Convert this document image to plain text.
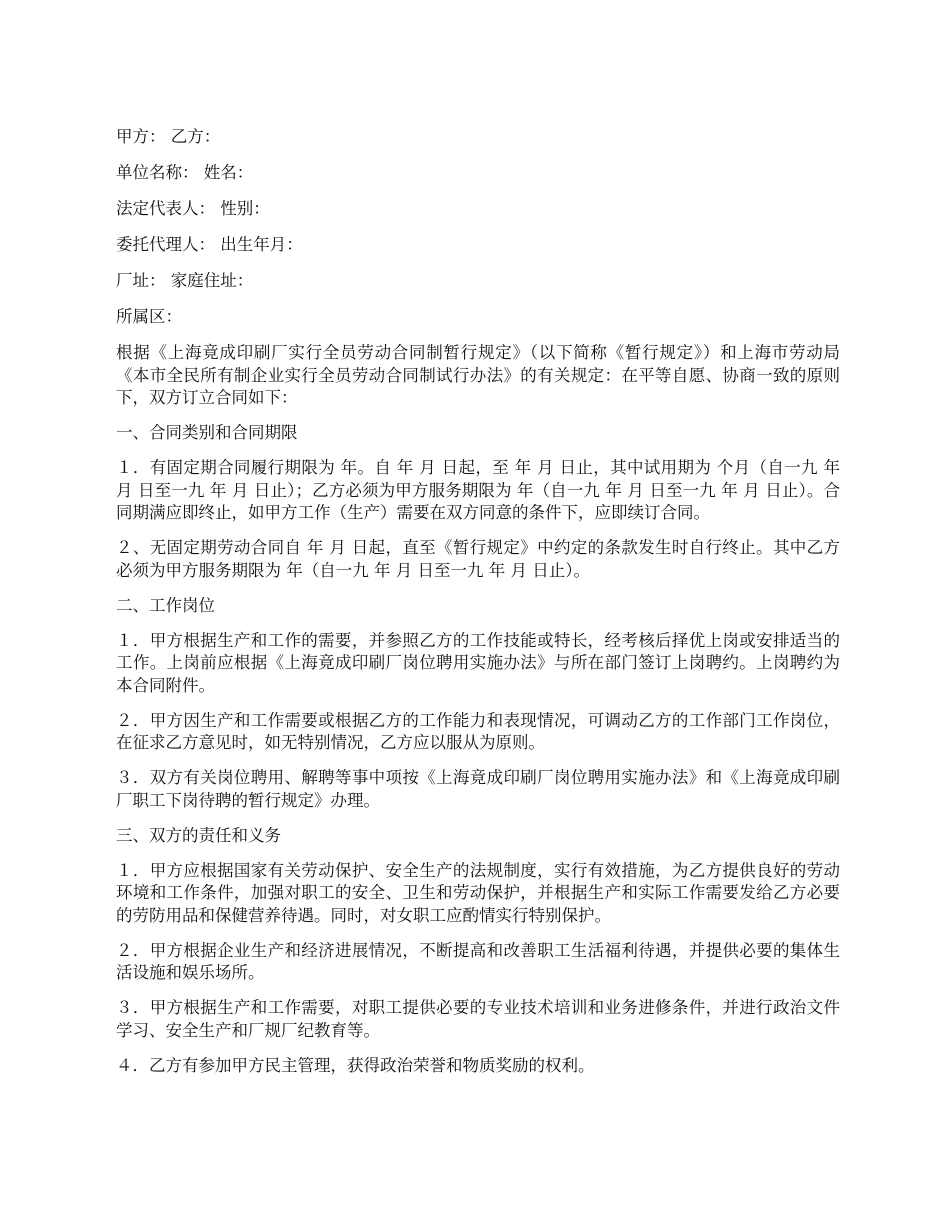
甲方： 乙方：

单位名称： 姓名：

法定代表人： 性别：

委托代理人： 出生年月：

厂址： 家庭住址：

所属区：

根据《上海竟成印刷厂实行全员劳动合同制暂行规定》（以下简称《暂行规定》）和上海市劳动局《本市全民所有制企业实行全员劳动合同制试行办法》的有关规定：在平等自愿、协商一致的原则下，双方订立合同如下：

一、合同类别和合同期限

１．有固定期合同履行期限为 年。自 年 月 日起，至 年 月 日止，其中试用期为 个月（自一九 年 月 日至一九 年 月 日止）；乙方必须为甲方服务期限为 年（自一九 年 月 日至一九 年 月 日止）。合同期满应即终止，如甲方工作（生产）需要在双方同意的条件下，应即续订合同。

２、无固定期劳动合同自 年 月 日起，直至《暂行规定》中约定的条款发生时自行终止。其中乙方必须为甲方服务期限为 年（自一九 年 月 日至一九 年 月 日止）。

二、工作岗位

１．甲方根据生产和工作的需要，并参照乙方的工作技能或特长，经考核后择优上岗或安排适当的工作。上岗前应根据《上海竟成印刷厂岗位聘用实施办法》与所在部门签订上岗聘约。上岗聘约为本合同附件。

２．甲方因生产和工作需要或根据乙方的工作能力和表现情况，可调动乙方的工作部门工作岗位，在征求乙方意见时，如无特别情况，乙方应以服从为原则。

３．双方有关岗位聘用、解聘等事中项按《上海竟成印刷厂岗位聘用实施办法》和《上海竟成印刷厂职工下岗待聘的暂行规定》办理。

三、双方的责任和义务

１．甲方应根据国家有关劳动保护、安全生产的法规制度，实行有效措施，为乙方提供良好的劳动环境和工作条件，加强对职工的安全、卫生和劳动保护，并根据生产和实际工作需要发给乙方必要的劳防用品和保健营养待遇。同时，对女职工应酌情实行特别保护。

２．甲方根据企业生产和经济进展情况，不断提高和改善职工生活福利待遇，并提供必要的集体生活设施和娱乐场所。

３．甲方根据生产和工作需要，对职工提供必要的专业技术培训和业务进修条件，并进行政治文件学习、安全生产和厂规厂纪教育等。

４．乙方有参加甲方民主管理，获得政治荣誉和物质奖励的权利。
